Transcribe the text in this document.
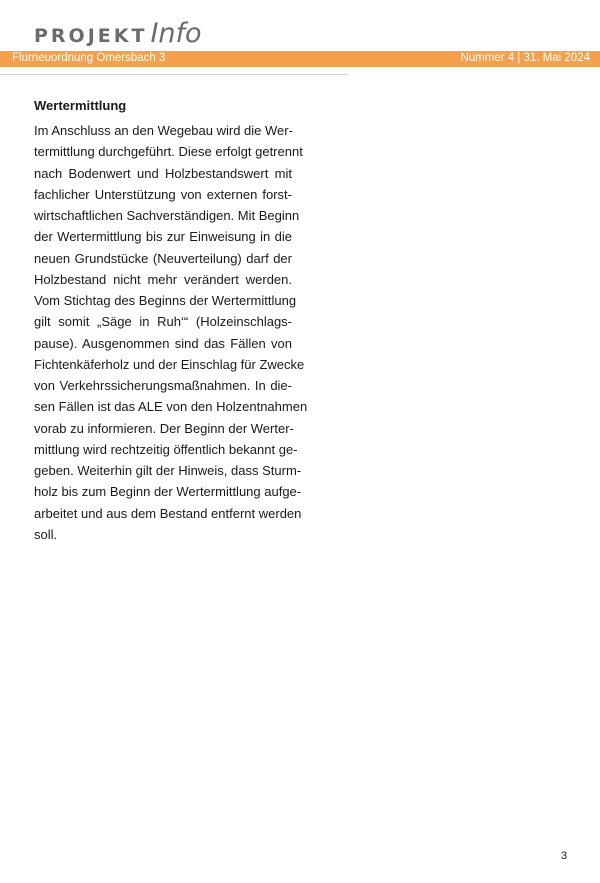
PROJEKT Info
Flurneuordnung Omersbach 3	Nummer 4 | 31. Mai 2024
Wertermittlung
Im Anschluss an den Wegebau wird die Wer-
termittlung durchgeführt. Diese erfolgt getrennt
nach Bodenwert und Holzbestandswert mit
fachlicher Unterstützung von externen forst-
wirtschaftlichen Sachverständigen. Mit Beginn
der Wertermittlung bis zur Einweisung in die
neuen Grundstücke (Neuverteilung) darf der
Holzbestand nicht mehr verändert werden.
Vom Stichtag des Beginns der Wertermittlung
gilt somit „Säge in Ruh‘“ (Holzeinschlags-
pause). Ausgenommen sind das Fällen von
Fichtenkäferholz und der Einschlag für Zwecke
von Verkehrssicherungsmaßnahmen. In die-
sen Fällen ist das ALE von den Holzentnahmen
vorab zu informieren. Der Beginn der Werter-
mittlung wird rechtzeitig öffentlich bekannt ge-
geben. Weiterhin gilt der Hinweis, dass Sturm-
holz bis zum Beginn der Wertermittlung aufge-
arbeitet und aus dem Bestand entfernt werden
soll.
3
